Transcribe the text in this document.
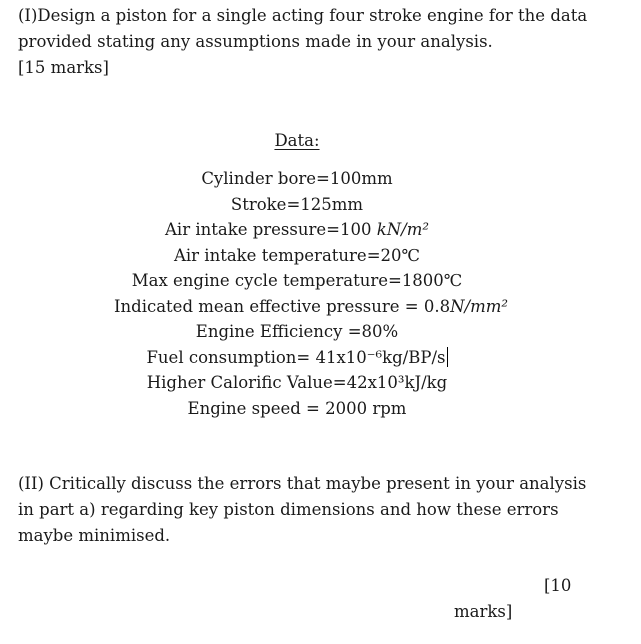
(I)Design a piston for a single acting four stroke engine for the data
provided stating any assumptions made in your analysis.
[15 marks]
Data:
Cylinder bore=100mm
Stroke=125mm
Air intake pressure=100 kN/m²
Air intake temperature=20℃
Max engine cycle temperature=1800℃
Indicated mean effective pressure = 0.8N/mm²
Engine Efficiency =80%
Fuel consumption= 41x10⁻⁶kg/BP/s
Higher Calorific Value=42x10³kJ/kg
Engine speed = 2000 rpm
(II) Critically discuss the errors that maybe present in your analysis
in part a) regarding key piston dimensions and how these errors
maybe minimised.
[10
marks]
